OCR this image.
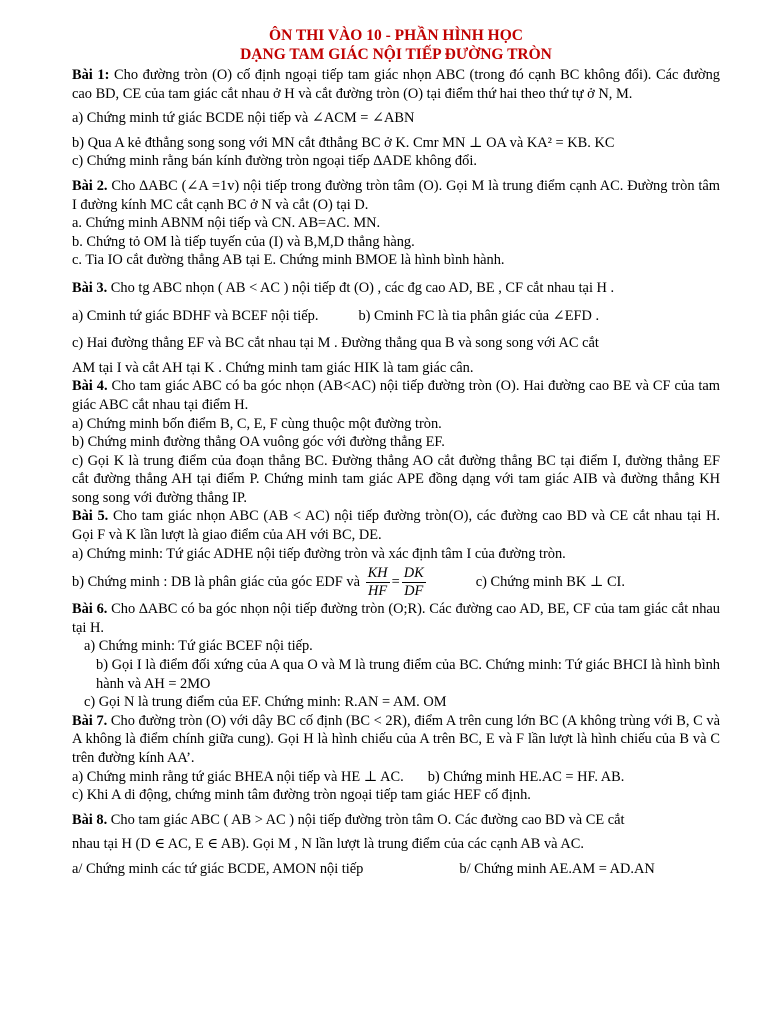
ÔN THI VÀO 10 - PHẦN HÌNH HỌC
DẠNG TAM GIÁC NỘI TIẾP ĐƯỜNG TRÒN

Bài 1: Cho đường tròn (O) cố định ngoại tiếp tam giác nhọn ABC (trong đó cạnh BC không đổi). Các đường cao BD, CE của tam giác cắt nhau ở H và cắt đường tròn (O) tại điểm thứ hai theo thứ tự ở N, M.

a) Chứng minh tứ giác BCDE nội tiếp và ∠ACM = ∠ABN

b) Qua A kẻ đthẳng song song với MN cắt đthẳng BC ở K. Cmr MN ⊥ OA và KA² = KB. KC

c) Chứng minh rằng bán kính đường tròn ngoại tiếp ∆ADE không đổi.

Bài 2. Cho ∆ABC (∠A =1v) nội tiếp trong đường tròn tâm (O). Gọi M là trung điểm cạnh AC. Đường tròn tâm I đường kính MC cắt cạnh BC ở N và cắt (O) tại D.

a. Chứng minh ABNM nội tiếp và CN. AB=AC. MN.

b. Chứng tỏ OM là tiếp tuyến của (I) và B,M,D thẳng hàng.

c. Tia IO cắt đường thẳng AB tại E. Chứng minh BMOE là hình bình hành.

Bài 3. Cho tg ABC nhọn ( AB < AC ) nội tiếp đt (O) , các đg cao AD, BE , CF cắt nhau tại H .

a) Cminh tứ giác BDHF và BCEF nội tiếp.	b) Cminh FC là tia phân giác của ∠EFD .

c) Hai đường thẳng EF và BC cắt nhau tại M . Đường thẳng qua B và song song với AC cắt

AM tại I và cắt AH tại K . Chứng minh tam giác HIK là tam giác cân.

Bài 4. Cho tam giác ABC có ba góc nhọn (AB<AC) nội tiếp đường tròn (O). Hai đường cao BE và CF của tam giác ABC cắt nhau tại điểm H.

a) Chứng minh bốn điểm B, C, E, F cùng thuộc một đường tròn.

b) Chứng minh đường thẳng OA vuông góc với đường thẳng EF.

c) Gọi K là trung điểm của đoạn thẳng BC. Đường thẳng AO cắt đường thẳng BC tại điểm I, đường thẳng EF cắt đường thẳng AH tại điểm P. Chứng minh tam giác APE đồng dạng với tam giác AIB và đường thẳng KH song song với đường thẳng IP.

Bài 5. Cho tam giác nhọn ABC (AB < AC) nội tiếp đường tròn(O), các đường cao BD và CE cắt nhau tại H. Gọi F và K lần lượt là giao điểm của AH với BC, DE.

a) Chứng minh: Tứ giác ADHE nội tiếp đường tròn và xác định tâm I của đường tròn.

b) Chứng minh : DB là phân giác của góc EDF và $\frac{KH}{HF} = \frac{DK}{DF}$	c) Chứng minh BK ⊥ CI.

Bài 6. Cho ∆ABC có ba góc nhọn nội tiếp đường tròn (O;R). Các đường cao AD, BE, CF của tam giác cắt nhau tại H.

a) Chứng minh: Tứ giác BCEF nội tiếp.

b) Gọi I là điểm đối xứng của A qua O và M là trung điểm của BC. Chứng minh: Tứ giác BHCI là hình bình hành và AH = 2MO

c) Gọi N là trung điểm của EF. Chứng minh: R.AN = AM. OM

Bài 7. Cho đường tròn (O) với dây BC cố định (BC < 2R), điểm A trên cung lớn BC (A không trùng với B, C và A không là điểm chính giữa cung). Gọi H là hình chiếu của A trên BC, E và F lần lượt là hình chiếu của B và C trên đường kính AA’.

a) Chứng minh rằng tứ giác BHEA nội tiếp và HE ⊥ AC. b) Chứng minh HE.AC = HF. AB.

c) Khi A di động, chứng minh tâm đường tròn ngoại tiếp tam giác HEF cố định.

Bài 8. Cho tam giác ABC ( AB > AC ) nội tiếp đường tròn tâm O. Các đường cao BD và CE cắt

nhau tại H (D ∈ AC, E ∈ AB). Gọi M , N lần lượt là trung điểm của các cạnh AB và AC.

a/ Chứng minh các tứ giác BCDE, AMON nội tiếp	b/ Chứng minh AE.AM = AD.AN
